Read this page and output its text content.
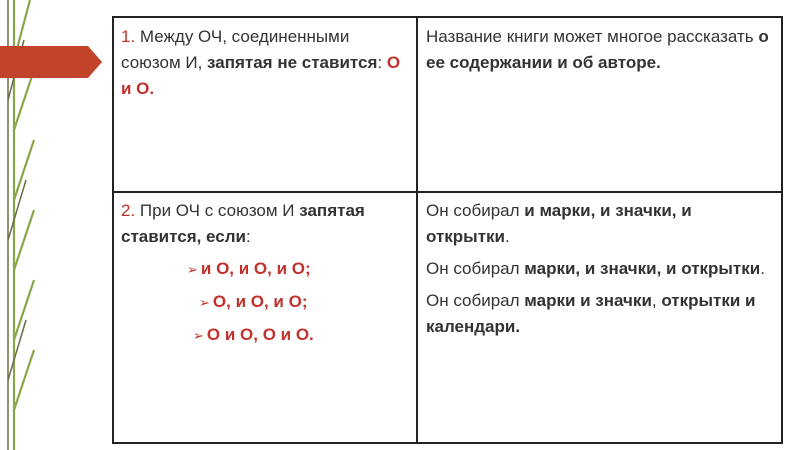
1. Между ОЧ, соединенными союзом И, запятая не ставится: О и О.
Название книги может многое рассказать о ее содержании и об авторе.
2. При ОЧ с союзом И запятая ставится, если:
➢ и О, и О, и О;
➢ О, и О, и О;
➢ О и О, О и О.
Он собирал и марки, и значки, и открытки.
Он собирал марки, и значки, и открытки.
Он собирал марки и значки, открытки и календари.
